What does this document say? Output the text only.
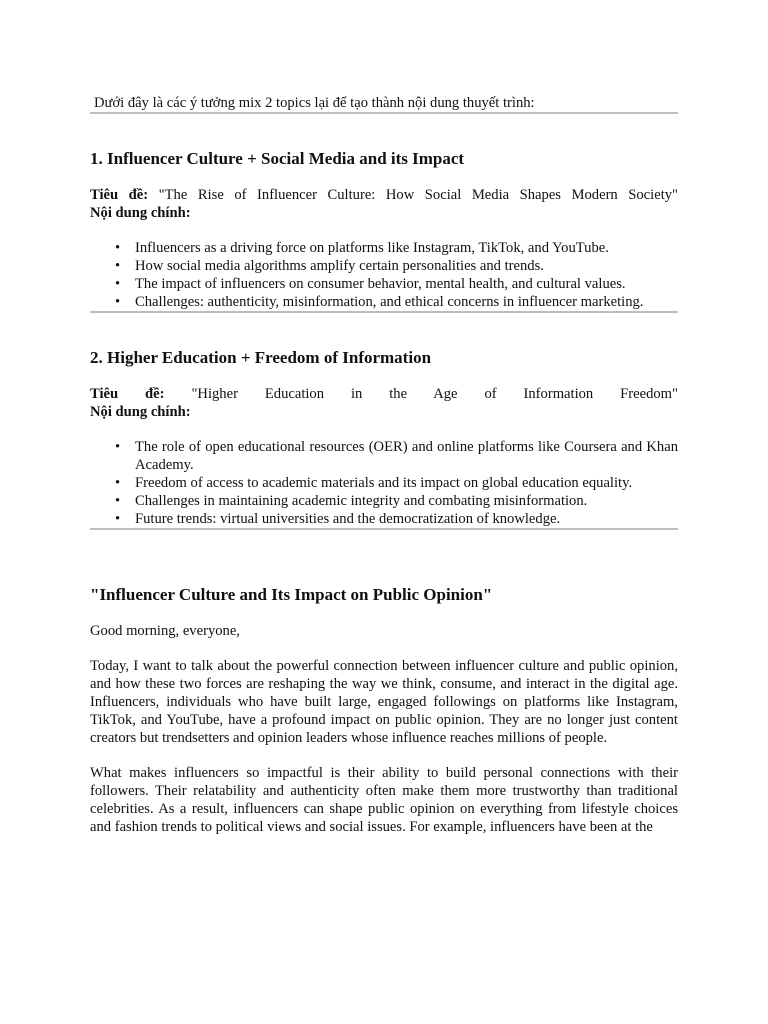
Dưới đây là các ý tưởng mix 2 topics lại để tạo thành nội dung thuyết trình:

1. Influencer Culture + Social Media and its Impact
Tiêu đề: "The Rise of Influencer Culture: How Social Media Shapes Modern Society"
Nội dung chính:
• Influencers as a driving force on platforms like Instagram, TikTok, and YouTube.
• How social media algorithms amplify certain personalities and trends.
• The impact of influencers on consumer behavior, mental health, and cultural values.
• Challenges: authenticity, misinformation, and ethical concerns in influencer marketing.
2. Higher Education + Freedom of Information
Tiêu đề: "Higher Education in the Age of Information Freedom"
Nội dung chính:
• The role of open educational resources (OER) and online platforms like Coursera and Khan Academy.
• Freedom of access to academic materials and its impact on global education equality.
• Challenges in maintaining academic integrity and combating misinformation.
• Future trends: virtual universities and the democratization of knowledge.
"Influencer Culture and Its Impact on Public Opinion"

Good morning, everyone,

Today, I want to talk about the powerful connection between influencer culture and public opinion, and how these two forces are reshaping the way we think, consume, and interact in the digital age. Influencers, individuals who have built large, engaged followings on platforms like Instagram, TikTok, and YouTube, have a profound impact on public opinion. They are no longer just content creators but trendsetters and opinion leaders whose influence reaches millions of people.

What makes influencers so impactful is their ability to build personal connections with their followers. Their relatability and authenticity often make them more trustworthy than traditional celebrities. As a result, influencers can shape public opinion on everything from lifestyle choices and fashion trends to political views and social issues. For example, influencers have been at the
